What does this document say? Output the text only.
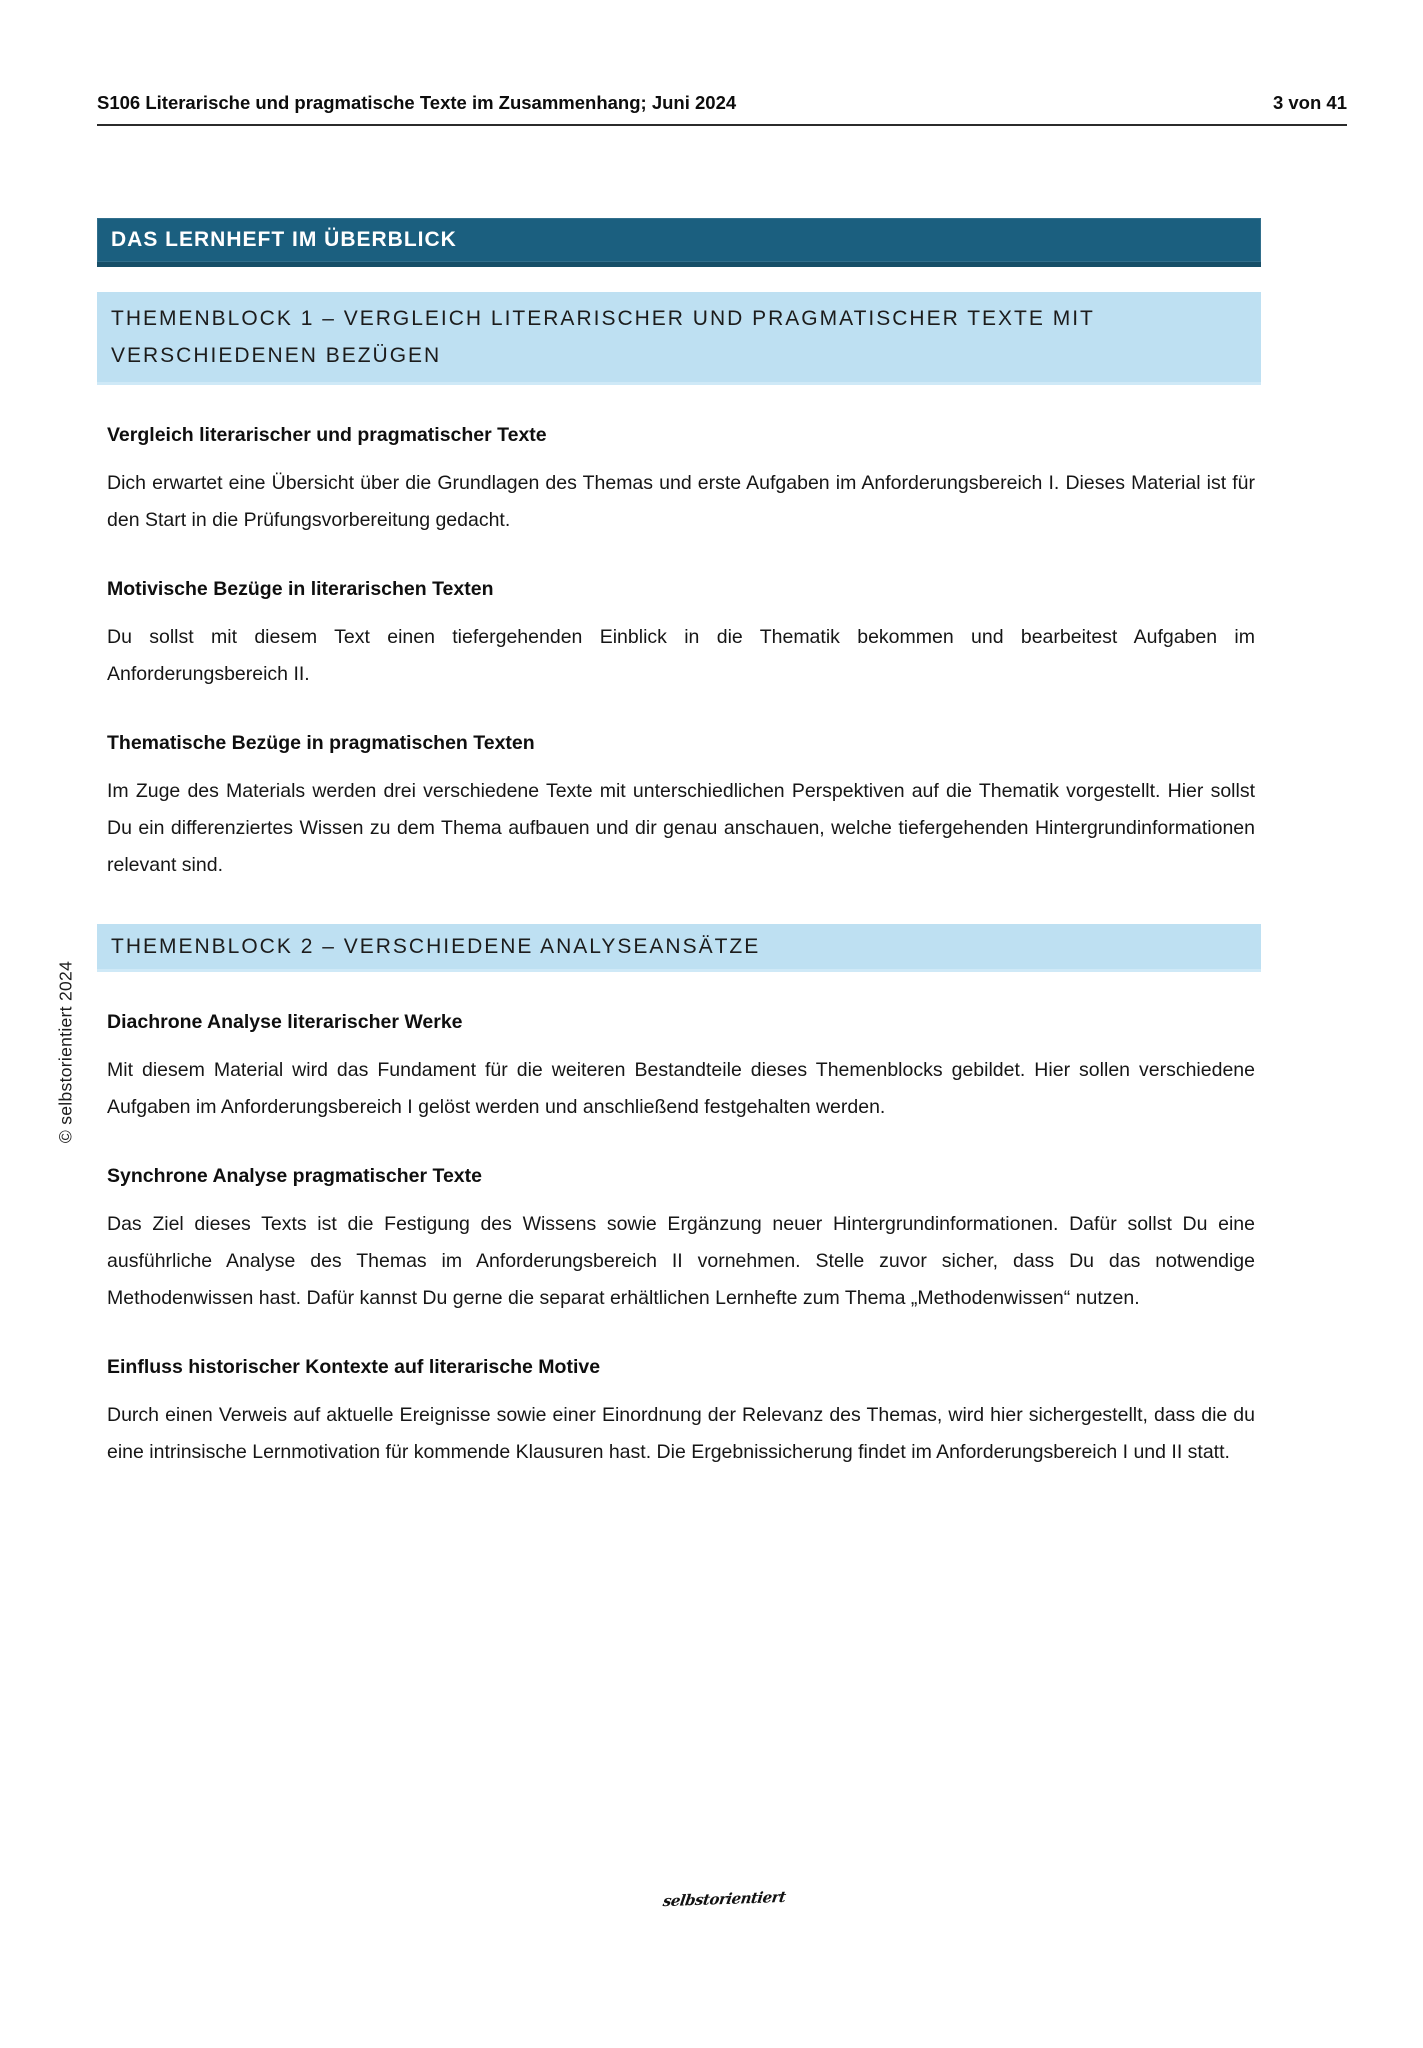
S106 Literarische und pragmatische Texte im Zusammenhang; Juni 2024	3 von 41
© selbstorientiert 2024
DAS LERNHEFT IM ÜBERBLICK
THEMENBLOCK 1 – VERGLEICH LITERARISCHER UND PRAGMATISCHER TEXTE MIT VERSCHIEDENEN BEZÜGEN
Vergleich literarischer und pragmatischer Texte

Dich erwartet eine Übersicht über die Grundlagen des Themas und erste Aufgaben im Anforderungsbereich I. Dieses Material ist für den Start in die Prüfungsvorbereitung gedacht.

Motivische Bezüge in literarischen Texten

Du sollst mit diesem Text einen tiefergehenden Einblick in die Thematik bekommen und bearbeitest Aufgaben im Anforderungsbereich II.

Thematische Bezüge in pragmatischen Texten

Im Zuge des Materials werden drei verschiedene Texte mit unterschiedlichen Perspektiven auf die Thematik vorgestellt. Hier sollst Du ein differenziertes Wissen zu dem Thema aufbauen und dir genau anschauen, welche tiefergehenden Hintergrundinformationen relevant sind.

THEMENBLOCK 2 – VERSCHIEDENE ANALYSEANSÄTZE
Diachrone Analyse literarischer Werke

Mit diesem Material wird das Fundament für die weiteren Bestandteile dieses Themenblocks gebildet. Hier sollen verschiedene Aufgaben im Anforderungsbereich I gelöst werden und anschließend festgehalten werden.

Synchrone Analyse pragmatischer Texte

Das Ziel dieses Texts ist die Festigung des Wissens sowie Ergänzung neuer Hintergrundinformationen. Dafür sollst Du eine ausführliche Analyse des Themas im Anforderungsbereich II vornehmen. Stelle zuvor sicher, dass Du das notwendige Methodenwissen hast. Dafür kannst Du gerne die separat erhältlichen Lernhefte zum Thema „Methodenwissen“ nutzen.

Einfluss historischer Kontexte auf literarische Motive

Durch einen Verweis auf aktuelle Ereignisse sowie einer Einordnung der Relevanz des Themas, wird hier sichergestellt, dass die du eine intrinsische Lernmotivation für kommende Klausuren hast. Die Ergebnissicherung findet im Anforderungsbereich I und II statt.

selbstorientiert
